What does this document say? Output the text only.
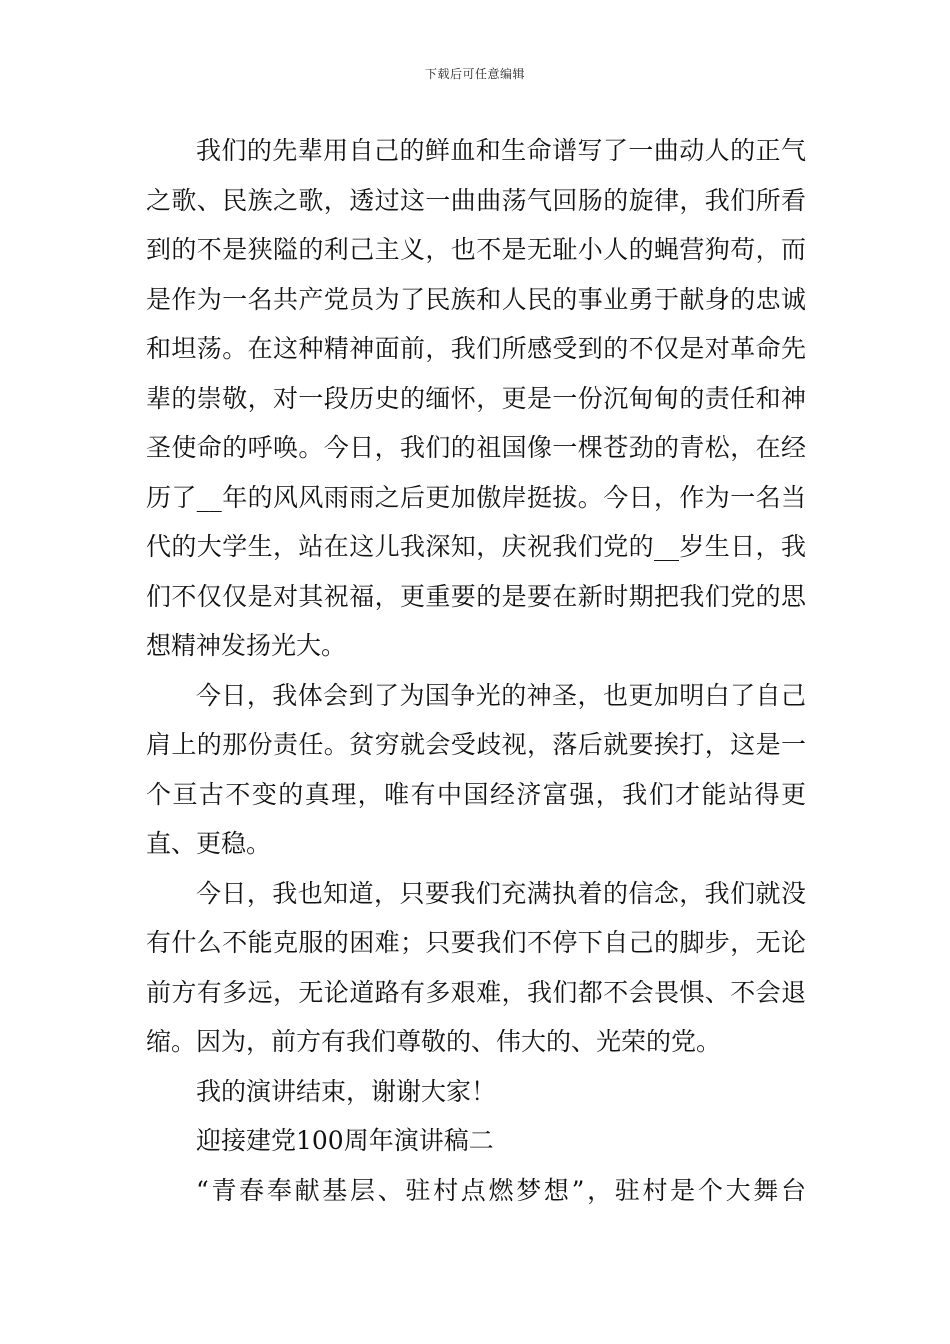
下载后可任意编辑

我们的先辈用自己的鲜血和生命谱写了一曲动人的正气之歌、民族之歌，透过这一曲曲荡气回肠的旋律，我们所看到的不是狭隘的利己主义，也不是无耻小人的蝇营狗苟，而是作为一名共产党员为了民族和人民的事业勇于献身的忠诚和坦荡。在这种精神面前，我们所感受到的不仅是对革命先辈的崇敬，对一段历史的缅怀，更是一份沉甸甸的责任和神圣使命的呼唤。今日，我们的祖国像一棵苍劲的青松，在经历了__年的风风雨雨之后更加傲岸挺拔。今日，作为一名当代的大学生，站在这儿我深知，庆祝我们党的__岁生日，我们不仅仅是对其祝福，更重要的是要在新时期把我们党的思想精神发扬光大。

今日，我体会到了为国争光的神圣，也更加明白了自己肩上的那份责任。贫穷就会受歧视，落后就要挨打，这是一个亘古不变的真理，唯有中国经济富强，我们才能站得更直、更稳。

今日，我也知道，只要我们充满执着的信念，我们就没有什么不能克服的困难；只要我们不停下自己的脚步，无论前方有多远，无论道路有多艰难，我们都不会畏惧、不会退缩。因为，前方有我们尊敬的、伟大的、光荣的党。

我的演讲结束，谢谢大家！

迎接建党100周年演讲稿二

“青春奉献基层、驻村点燃梦想”，驻村是个大舞台
